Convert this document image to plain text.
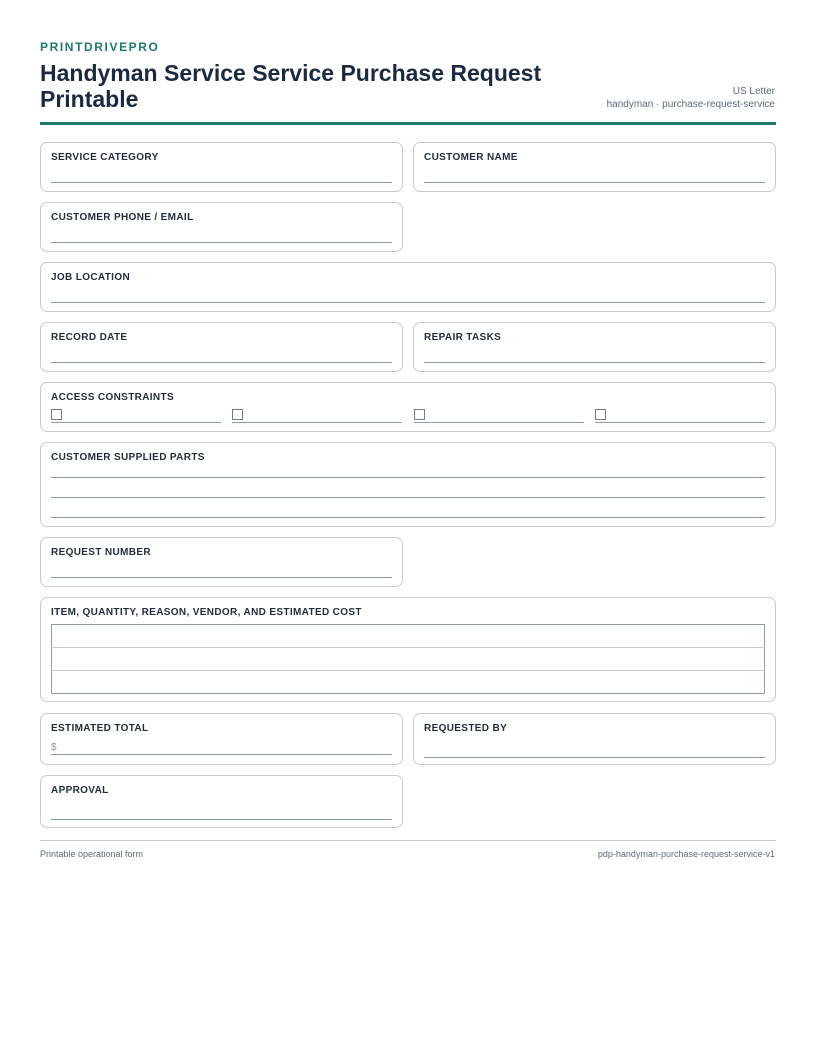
PRINTDRIVEPRO
Handyman Service Service Purchase Request Printable	US Letter
handyman · purchase-request-service
SERVICE CATEGORY	CUSTOMER NAME
CUSTOMER PHONE / EMAIL
JOB LOCATION
RECORD DATE	REPAIR TASKS
ACCESS CONSTRAINTS
CUSTOMER SUPPLIED PARTS
REQUEST NUMBER
ITEM, QUANTITY, REASON, VENDOR, AND ESTIMATED COST

ESTIMATED TOTAL
$
REQUESTED BY
APPROVAL
Printable operational form	pdp-handyman-purchase-request-service-v1
